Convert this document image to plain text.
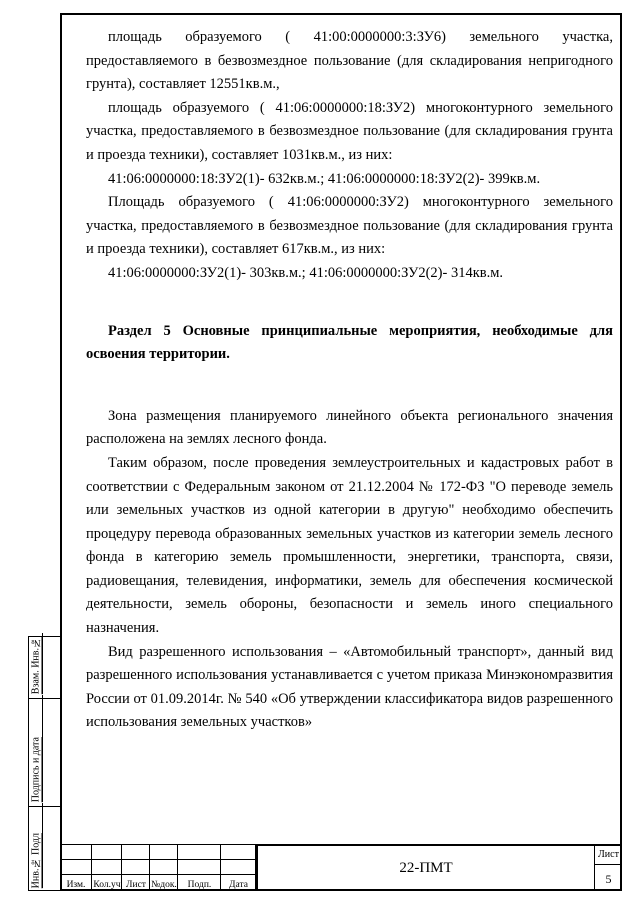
Взам. Инв.№
Подпись и дата
Инв.№ Подл

площадь образуемого ( 41:00:0000000:3:ЗУ6) земельного участка, предоставляемого в безвозмездное пользование (для складирования непригодного грунта), составляет 12551кв.м.,

площадь образуемого ( 41:06:0000000:18:ЗУ2) многоконтурного земельного участка, предоставляемого в безвозмездное пользование (для складирования грунта и проезда техники), составляет 1031кв.м., из них:

41:06:0000000:18:ЗУ2(1)- 632кв.м.; 41:06:0000000:18:ЗУ2(2)- 399кв.м.

Площадь образуемого ( 41:06:0000000:ЗУ2) многоконтурного земельного участка, предоставляемого в безвозмездное пользование (для складирования грунта и проезда техники), составляет 617кв.м., из них:

41:06:0000000:ЗУ2(1)- 303кв.м.; 41:06:0000000:ЗУ2(2)- 314кв.м.

Раздел 5 Основные принципиальные мероприятия, необходимые для освоения территории.

Зона размещения планируемого линейного объекта регионального значения расположена на землях лесного фонда.

Таким образом, после проведения землеустроительных и кадастровых работ в соответствии с Федеральным законом от 21.12.2004 № 172-ФЗ "О переводе земель или земельных участков из одной категории в другую" необходимо обеспечить процедуру перевода образованных земельных участков из категории земель лесного фонда в категорию земель промышленности, энергетики, транспорта, связи, радиовещания, телевидения, информатики, земель для обеспечения космической деятельности, земель обороны, безопасности и земель иного специального назначения.

Вид разрешенного использования – «Автомобильный транспорт», данный вид разрешенного использования устанавливается с учетом приказа Минэкономразвития России от 01.09.2014г. № 540 «Об утверждении классификатора видов разрешенного использования земельных участков»

Изм. Кол.уч Лист №док.	Подп.	Дата
22-ПМТ
Лист
5
